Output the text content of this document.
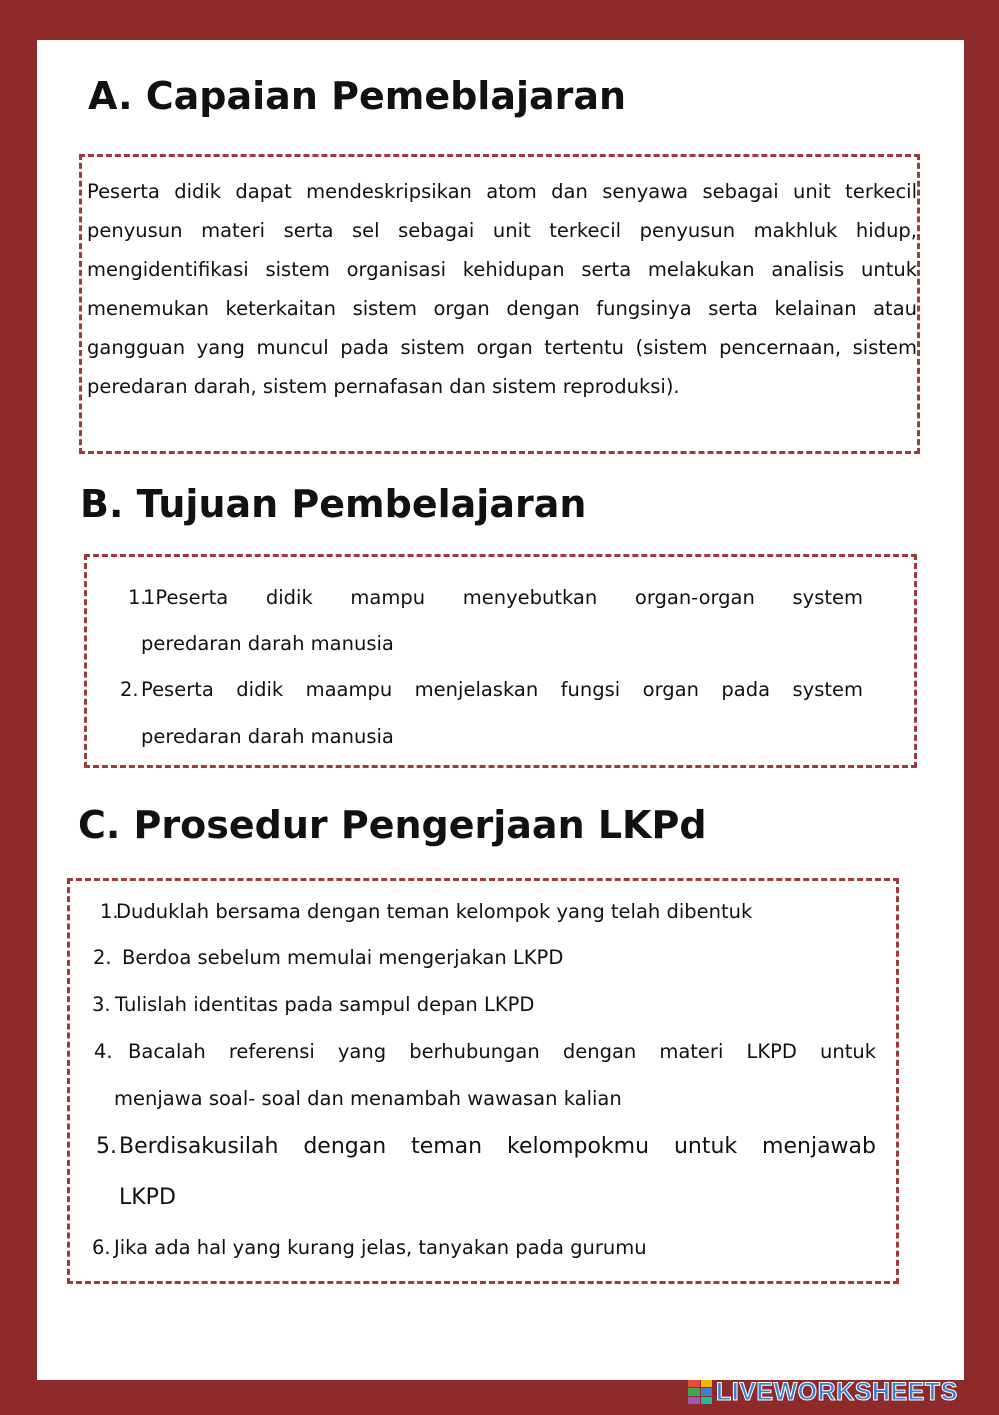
A. Capaian Pemeblajaran

Peserta didik dapat mendeskripsikan atom dan senyawa sebagai unit terkecil penyusun materi serta sel sebagai unit terkecil penyusun makhluk hidup, mengidentifikasi sistem organisasi kehidupan serta melakukan analisis untuk menemukan keterkaitan sistem organ dengan fungsinya serta kelainan atau gangguan yang muncul pada sistem organ tertentu (sistem pencernaan, sistem peredaran darah, sistem pernafasan dan sistem reproduksi).

B. Tujuan Pembelajaran
1.
1Peserta didik mampu menyebutkan organ-organ system
peredaran darah manusia
2. Peserta didik maampu menjelaskan fungsi organ pada system
peredaran darah manusia
C. Prosedur Pengerjaan LKPd
1.
Duduklah bersama dengan teman kelompok yang telah dibentuk
2. Berdoa sebelum memulai mengerjakan LKPD
3. Tulislah identitas pada sampul depan LKPD
4. Bacalah referensi yang berhubungan dengan materi LKPD untuk
menjawa soal- soal dan menambah wawasan kalian
5. Berdisakusilah dengan teman kelompokmu untuk menjawab
LKPD
6. Jika ada hal yang kurang jelas, tanyakan pada gurumu
LIVEWORKSHEETS
